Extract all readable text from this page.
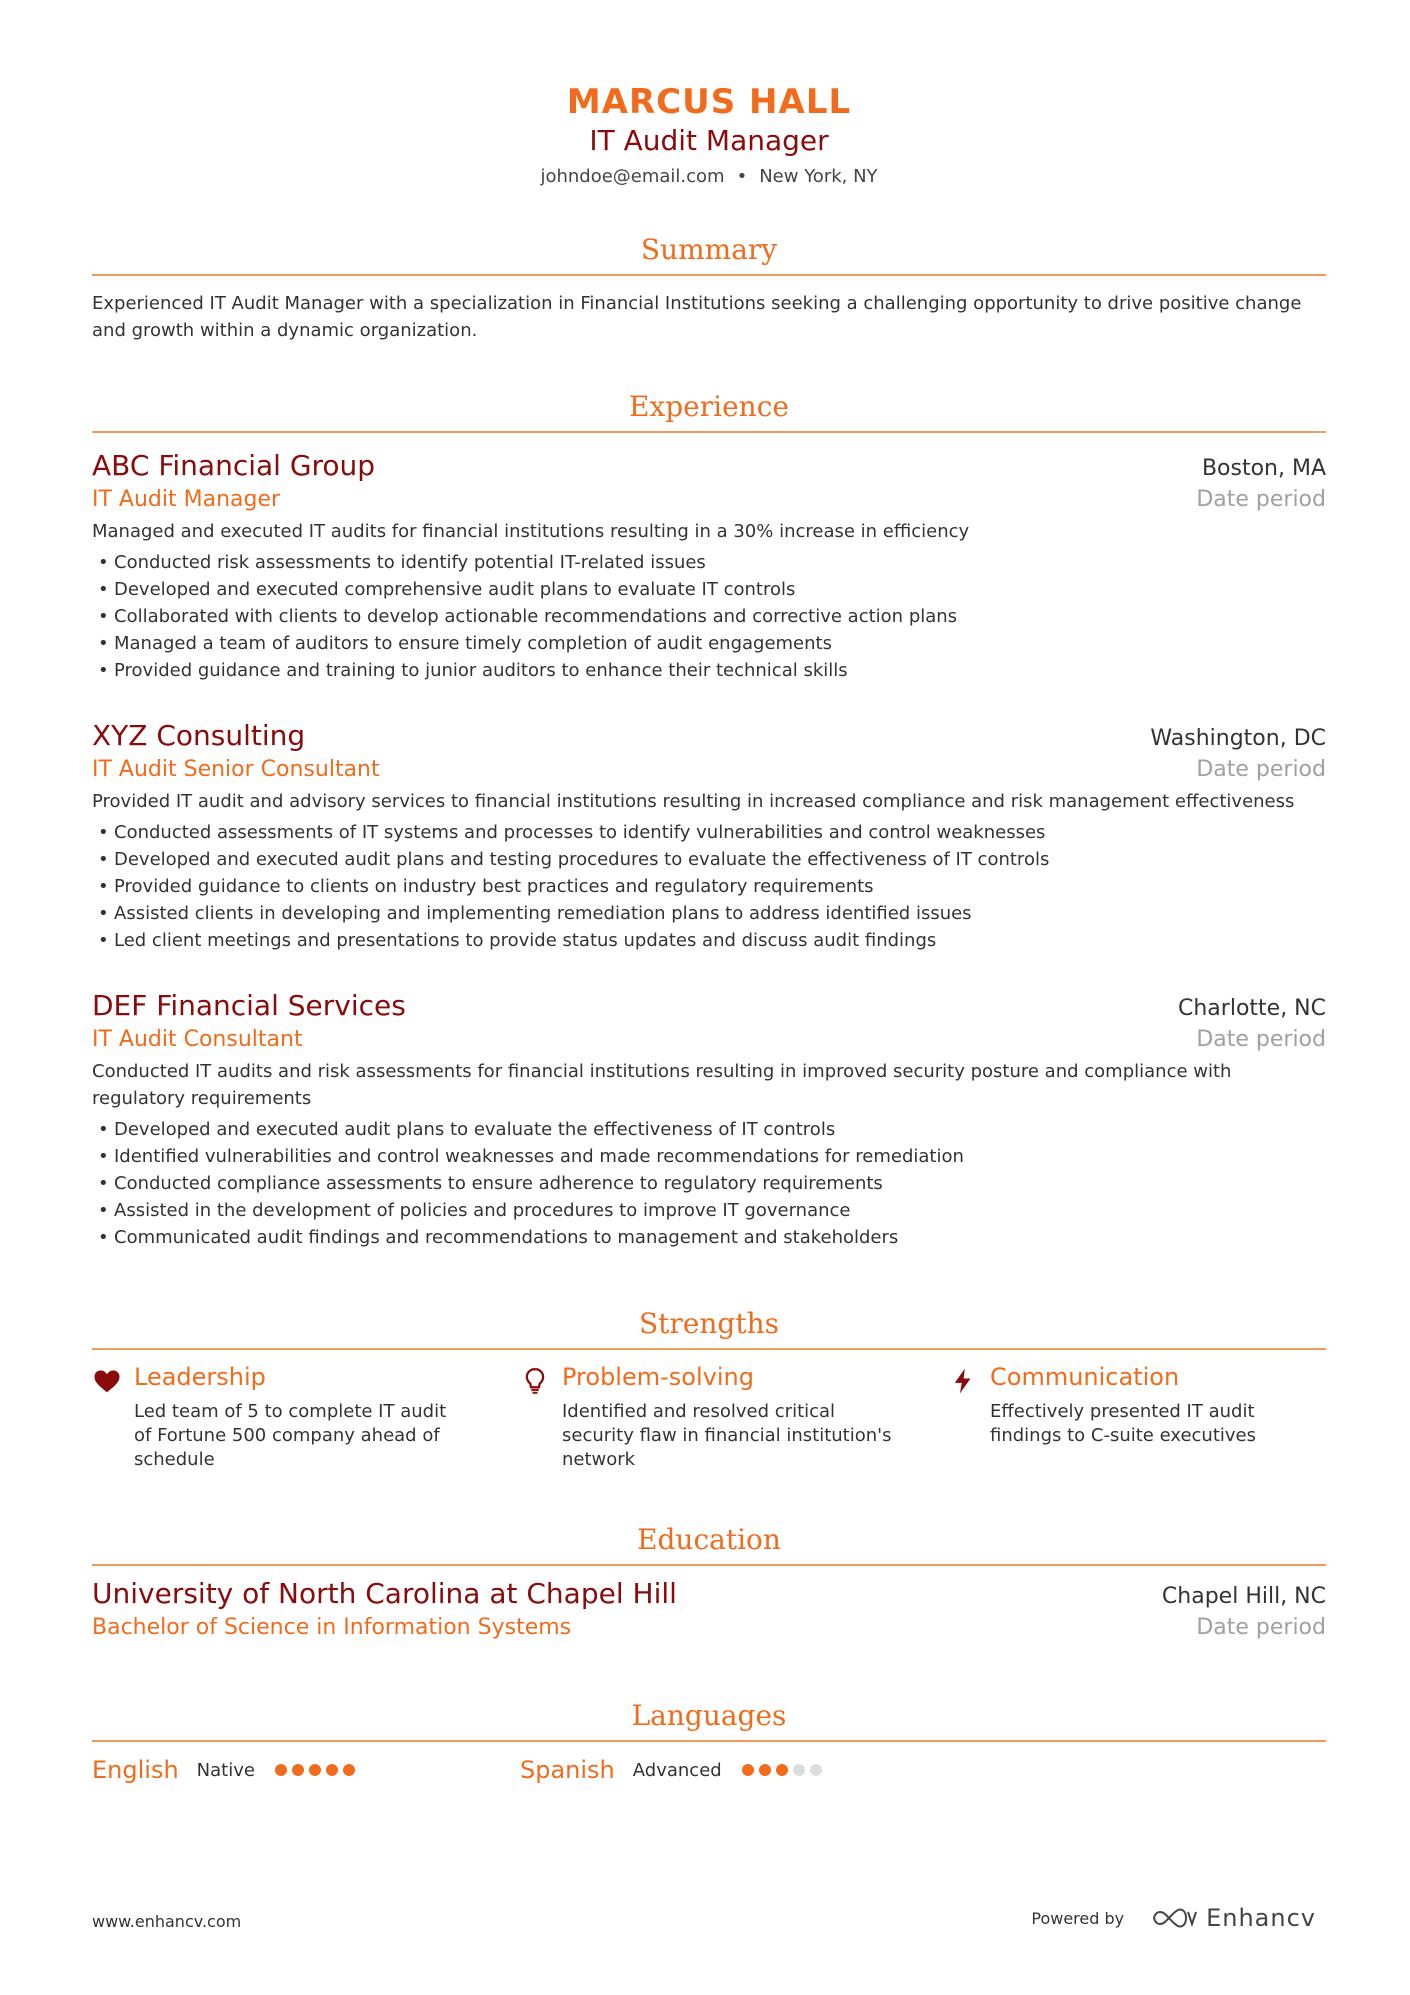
MARCUS HALL
IT Audit Manager
johndoe@email.com • New York, NY
Summary
Experienced IT Audit Manager with a specialization in Financial Institutions seeking a challenging opportunity to drive positive change and growth within a dynamic organization.
Experience
ABC Financial Group	Boston, MA
IT Audit Manager	Date period
Managed and executed IT audits for financial institutions resulting in a 30% increase in efficiency
• Conducted risk assessments to identify potential IT-related issues
• Developed and executed comprehensive audit plans to evaluate IT controls
• Collaborated with clients to develop actionable recommendations and corrective action plans
• Managed a team of auditors to ensure timely completion of audit engagements
• Provided guidance and training to junior auditors to enhance their technical skills
XYZ Consulting	Washington, DC
IT Audit Senior Consultant	Date period
Provided IT audit and advisory services to financial institutions resulting in increased compliance and risk management effectiveness
• Conducted assessments of IT systems and processes to identify vulnerabilities and control weaknesses
• Developed and executed audit plans and testing procedures to evaluate the effectiveness of IT controls
• Provided guidance to clients on industry best practices and regulatory requirements
• Assisted clients in developing and implementing remediation plans to address identified issues
• Led client meetings and presentations to provide status updates and discuss audit findings
DEF Financial Services	Charlotte, NC
IT Audit Consultant	Date period
Conducted IT audits and risk assessments for financial institutions resulting in improved security posture and compliance with regulatory requirements
• Developed and executed audit plans to evaluate the effectiveness of IT controls
• Identified vulnerabilities and control weaknesses and made recommendations for remediation
• Conducted compliance assessments to ensure adherence to regulatory requirements
• Assisted in the development of policies and procedures to improve IT governance
• Communicated audit findings and recommendations to management and stakeholders
Strengths
Leadership
Led team of 5 to complete IT audit of Fortune 500 company ahead of schedule
Problem-solving
Identified and resolved critical security flaw in financial institution's network
Communication
Effectively presented IT audit findings to C-suite executives
Education
University of North Carolina at Chapel Hill	Chapel Hill, NC
Bachelor of Science in Information Systems	Date period
Languages
English Native	Spanish Advanced
www.enhancv.com	Powered by	Enhancv
